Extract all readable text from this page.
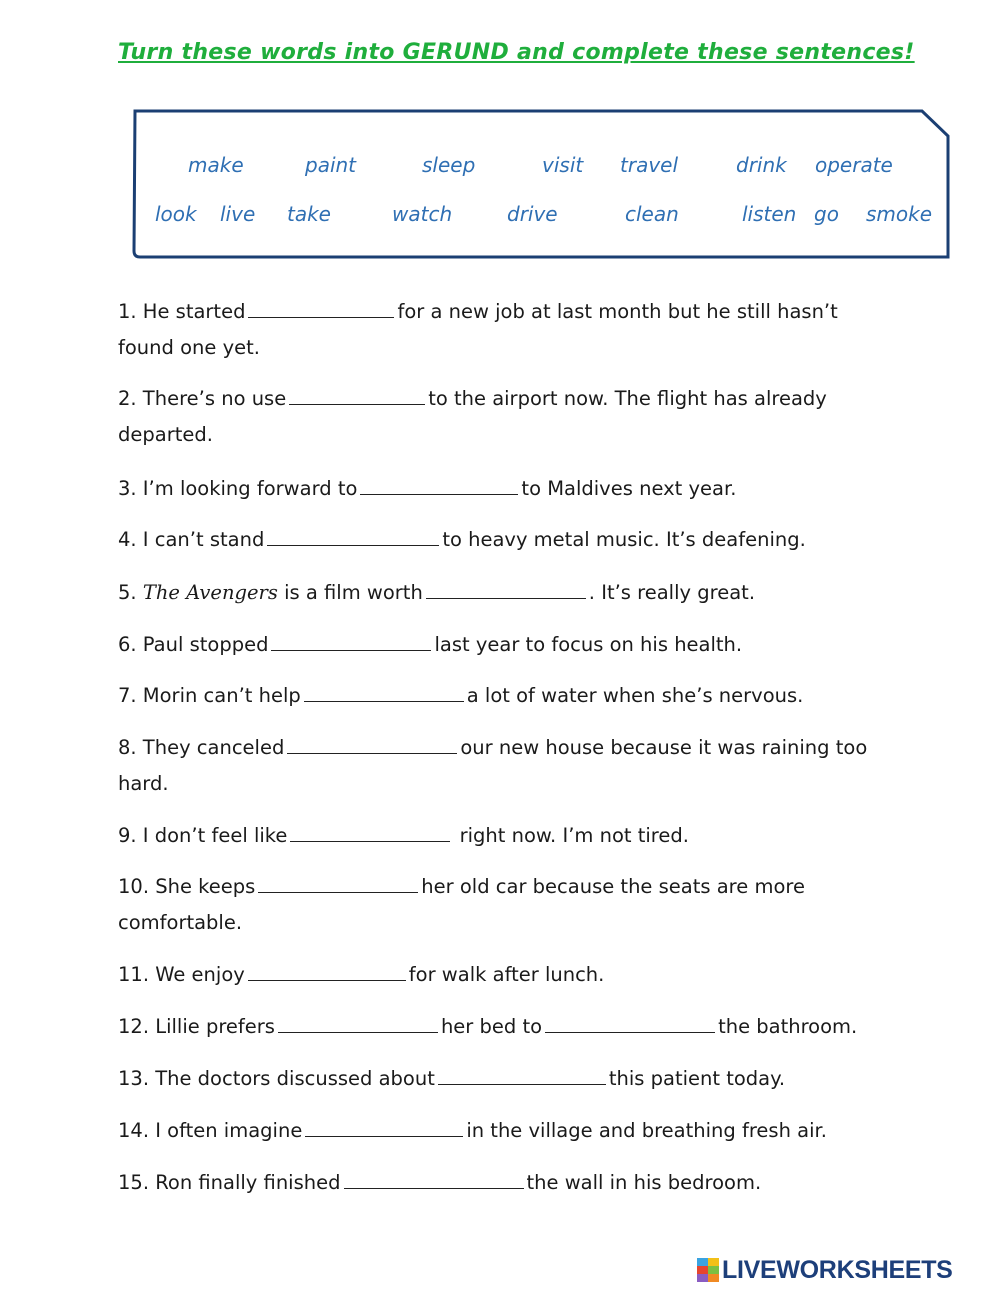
Turn these words into GERUND and complete these sentences!
make	paint	sleep	visit travel	drink operate
look live take	watch	drive	clean	listen go smoke
1. He started	for a new job at last month but he still hasn’t
found one yet.
2. There’s no use	to the airport now. The flight has already
departed.
3. I’m looking forward to	to Maldives next year.
4. I can’t stand	to heavy metal music. It’s deafening.
5. The Avengers is a film worth	. It’s really great.
6. Paul stopped	last year to focus on his health.
7. Morin can’t help	a lot of water when she’s nervous.
8. They canceled	our new house because it was raining too
hard.
9. I don’t feel like	right now. I’m not tired.
10. She keeps	her old car because the seats are more
comfortable.
11. We enjoy	for walk after lunch.
12. Lillie prefers	her bed to	the bathroom.
13. The doctors discussed about	this patient today.
14. I often imagine	in the village and breathing fresh air.
15. Ron finally finished	the wall in his bedroom.
LIVEWORKSHEETS
